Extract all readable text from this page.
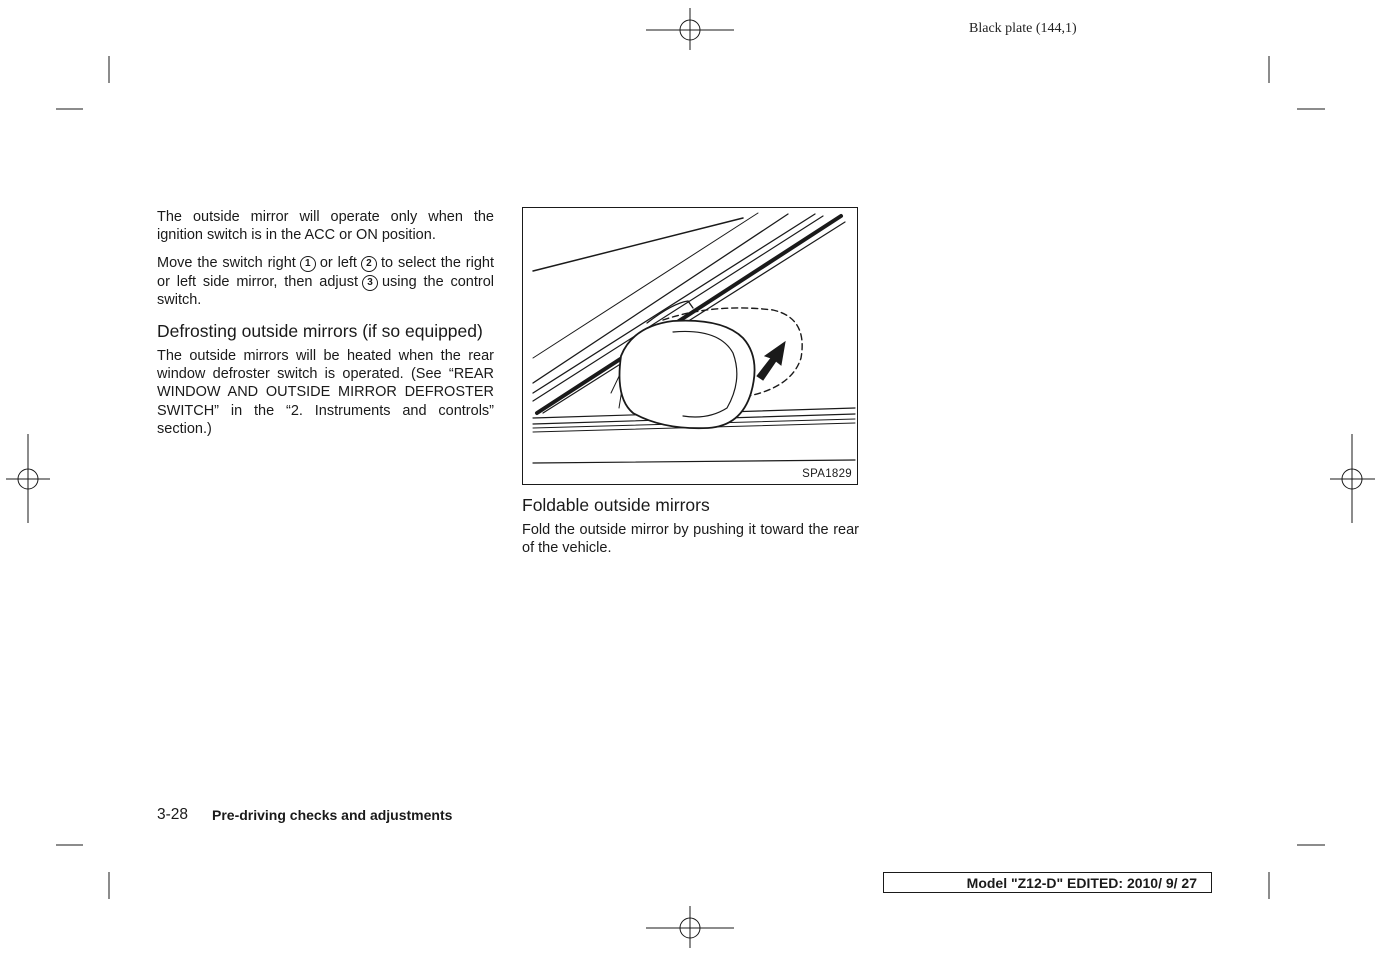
Black plate (144,1)

The outside mirror will operate only when the ignition switch is in the ACC or ON position.

Move the switch right 1 or left 2 to select the right or left side mirror, then adjust 3 using the control switch.

Defrosting outside mirrors (if so equipped)

The outside mirrors will be heated when the rear window defroster switch is operated. (See “REAR WINDOW AND OUTSIDE MIRROR DEFROSTER SWITCH” in the “2. Instruments and controls” section.)

SPA1829
Foldable outside mirrors

Fold the outside mirror by pushing it toward the rear of the vehicle.

3-28 Pre-driving checks and adjustments
Model "Z12-D" EDITED: 2010/ 9/ 27
